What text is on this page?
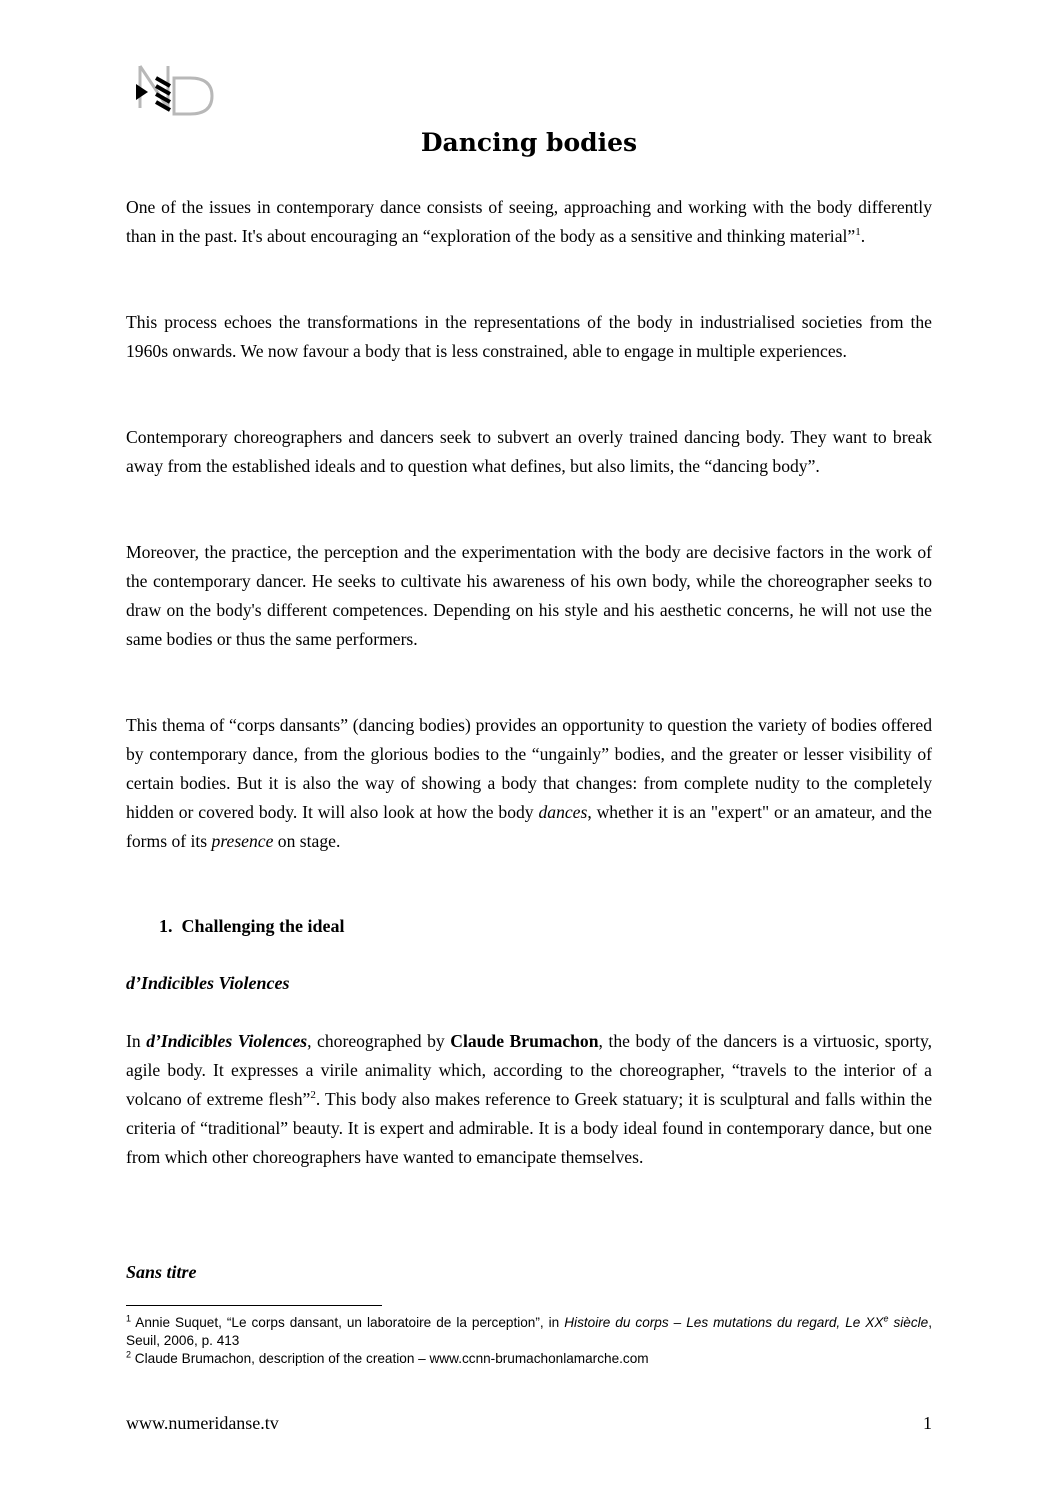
Dancing bodies

One of the issues in contemporary dance consists of seeing, approaching and working with the body differently than in the past. It's about encouraging an “exploration of the body as a sensitive and thinking material”$^1$.

This process echoes the transformations in the representations of the body in industrialised societies from the 1960s onwards. We now favour a body that is less constrained, able to engage in multiple experiences.
Contemporary choreographers and dancers seek to subvert an overly trained dancing body. They want to break away from the established ideals and to question what defines, but also limits, the “dancing body”.
Moreover, the practice, the perception and the experimentation with the body are decisive factors in the work of the contemporary dancer. He seeks to cultivate his awareness of his own body, while the choreographer seeks to draw on the body's different competences. Depending on his style and his aesthetic concerns, he will not use the same bodies or thus the same performers.

This thema of “corps dansants” (dancing bodies) provides an opportunity to question the variety of bodies offered by contemporary dance, from the glorious bodies to the “ungainly” bodies, and the greater or lesser visibility of certain bodies. But it is also the way of showing a body that changes: from complete nudity to the completely hidden or covered body. It will also look at how the body dances, whether it is an "expert" or an amateur, and the forms of its presence on stage.

1. Challenging the ideal
d’Indicibles Violences

In d’Indicibles Violences, choreographed by Claude Brumachon, the body of the dancers is a virtuosic, sporty, agile body. It expresses a virile animality which, according to the choreographer, “travels to the interior of a volcano of extreme flesh”$^2$. This body also makes reference to Greek statuary; it is sculptural and falls within the criteria of “traditional” beauty. It is expert and admirable. It is a body ideal found in contemporary dance, but one from which other choreographers have wanted to emancipate themselves.

Sans titre

$^1$ Annie Suquet, “Le corps dansant, un laboratoire de la perception”, in Histoire du corps – Les mutations du regard, Le XXe siècle, Seuil, 2006, p. 413

$^2$ Claude Brumachon, description of the creation – www.ccnn-brumachonlamarche.com

www.numeridanse.tv	1
